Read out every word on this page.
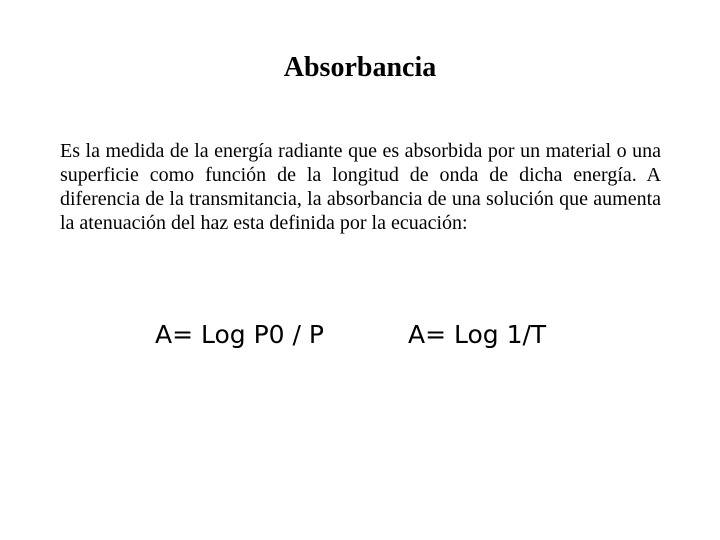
Absorbancia

Es la medida de la energía radiante que es absorbida por un material o una superficie como función de la longitud de onda de dicha energía. A diferencia de la transmitancia, la absorbancia de una solución que aumenta la atenuación del haz esta definida por la ecuación:

A= Log P0 / P	A= Log 1/T
